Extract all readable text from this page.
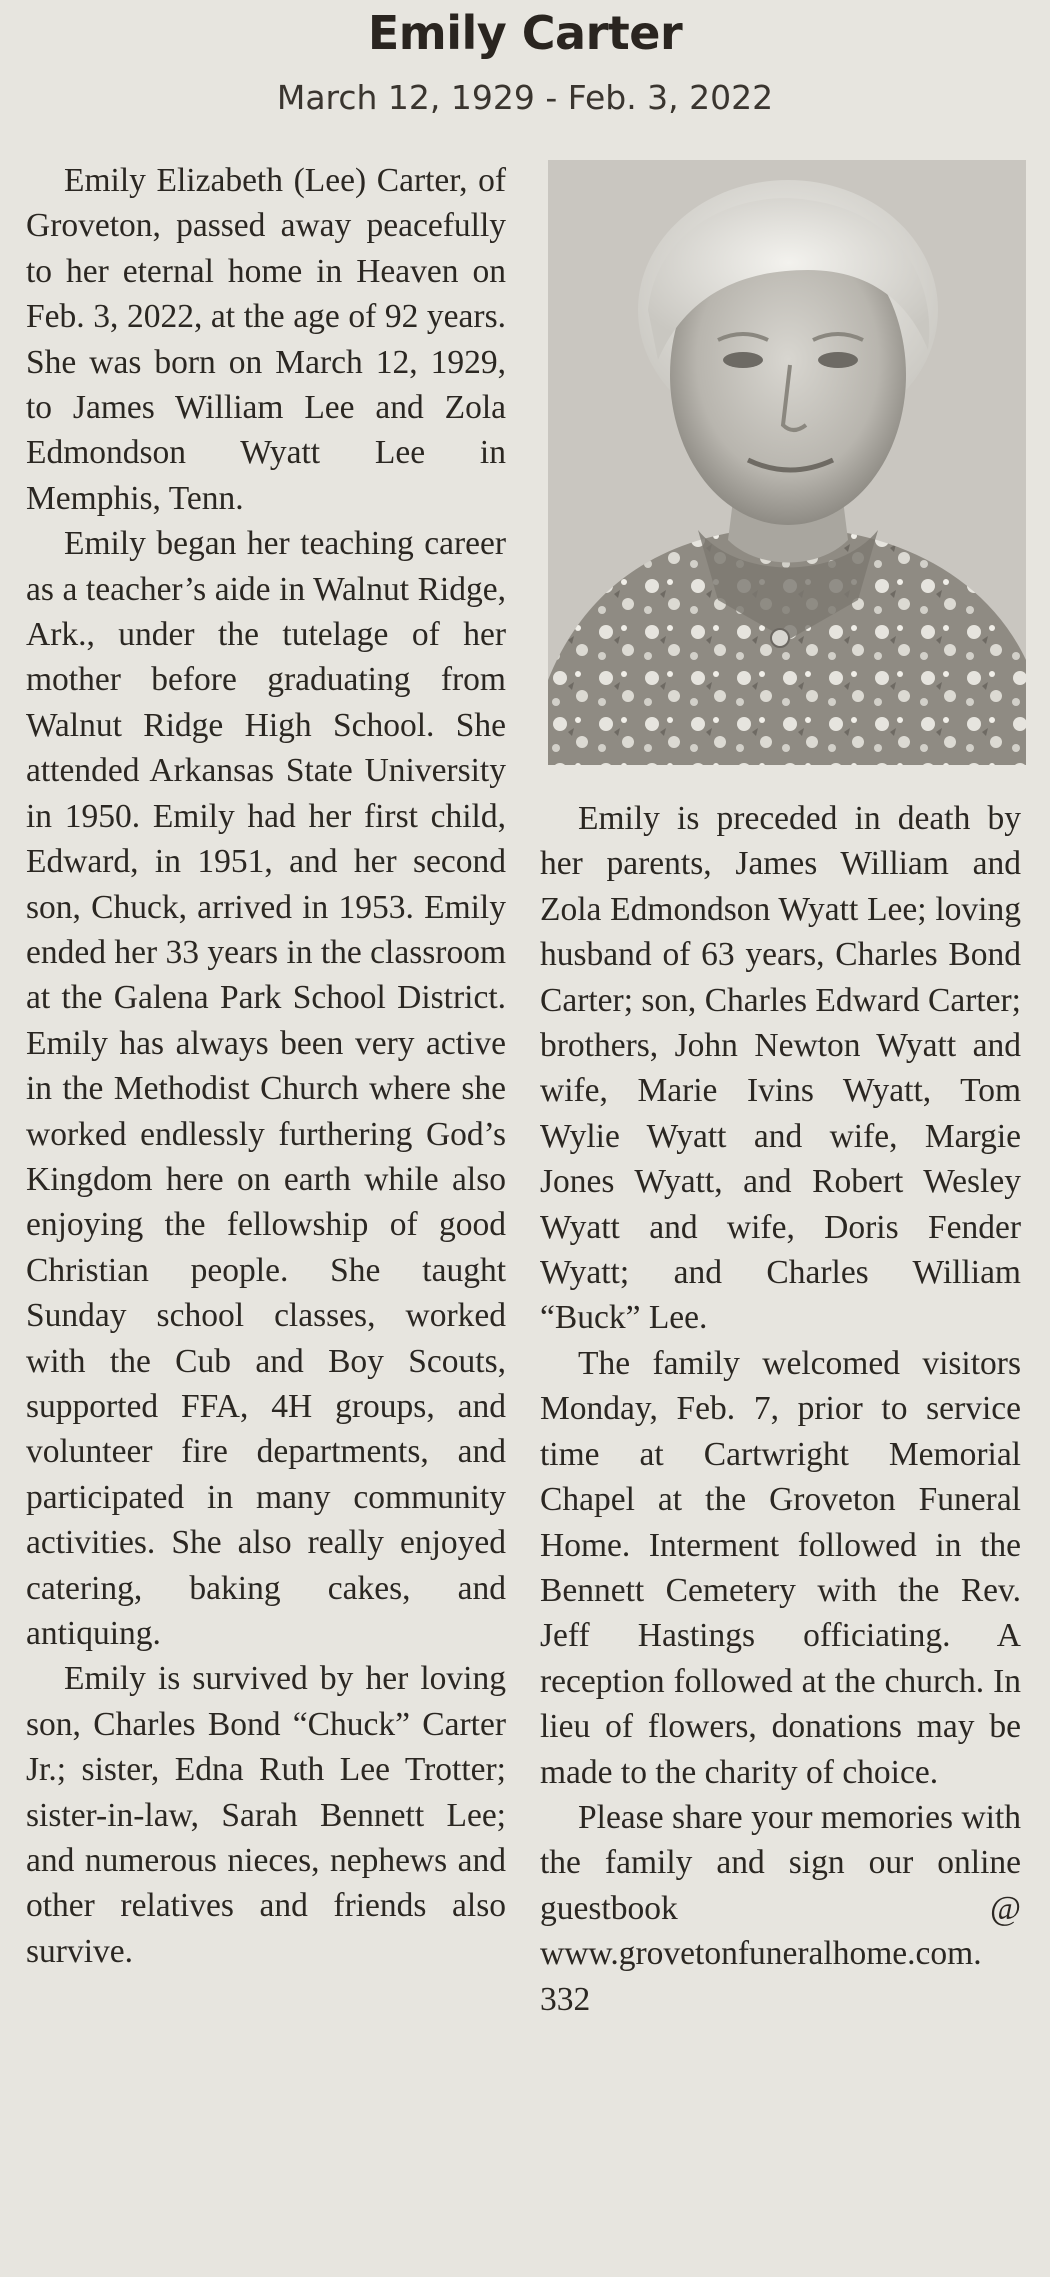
Emily Carter
March 12, 1929 - Feb. 3, 2022

Emily Elizabeth (Lee) Carter, of Groveton, passed away peacefully to her eternal home in Heaven on Feb. 3, 2022, at the age of 92 years. She was born on March 12, 1929, to James William Lee and Zola Edmondson Wyatt Lee in Memphis, Tenn.

Emily began her teaching career as a teacher’s aide in Walnut Ridge, Ark., under the tutelage of her mother before graduating from Walnut Ridge High School. She attended Arkansas State University in 1950. Emily had her first child, Edward, in 1951, and her second son, Chuck, arrived in 1953. Emily ended her 33 years in the classroom at the Galena Park School District. Emily has always been very active in the Methodist Church where she worked endlessly furthering God’s Kingdom here on earth while also enjoying the fellowship of good Christian people. She taught Sunday school classes, worked with the Cub and Boy Scouts, supported FFA, 4H groups, and volunteer fire departments, and participated in many community activities. She also really enjoyed catering, baking cakes, and antiquing.

Emily is survived by her loving son, Charles Bond “Chuck” Carter Jr.; sister, Edna Ruth Lee Trotter; sister-in-law, Sarah Bennett Lee; and numerous nieces, nephews and other relatives and friends also survive.

Emily is preceded in death by her parents, James William and Zola Edmondson Wyatt Lee; loving husband of 63 years, Charles Bond Carter; son, Charles Edward Carter; brothers, John Newton Wyatt and wife, Marie Ivins Wyatt, Tom Wylie Wyatt and wife, Margie Jones Wyatt, and Robert Wesley Wyatt and wife, Doris Fender Wyatt; and Charles William “Buck” Lee.

The family welcomed visitors Monday, Feb. 7, prior to service time at Cartwright Memorial Chapel at the Groveton Funeral Home. Interment followed in the Bennett Cemetery with the Rev. Jeff Hastings officiating. A reception followed at the church. In lieu of flowers, donations may be made to the charity of choice.

Please share your memories with the family and sign our online guestbook @ www.grovetonfuneralhome.com. 332
